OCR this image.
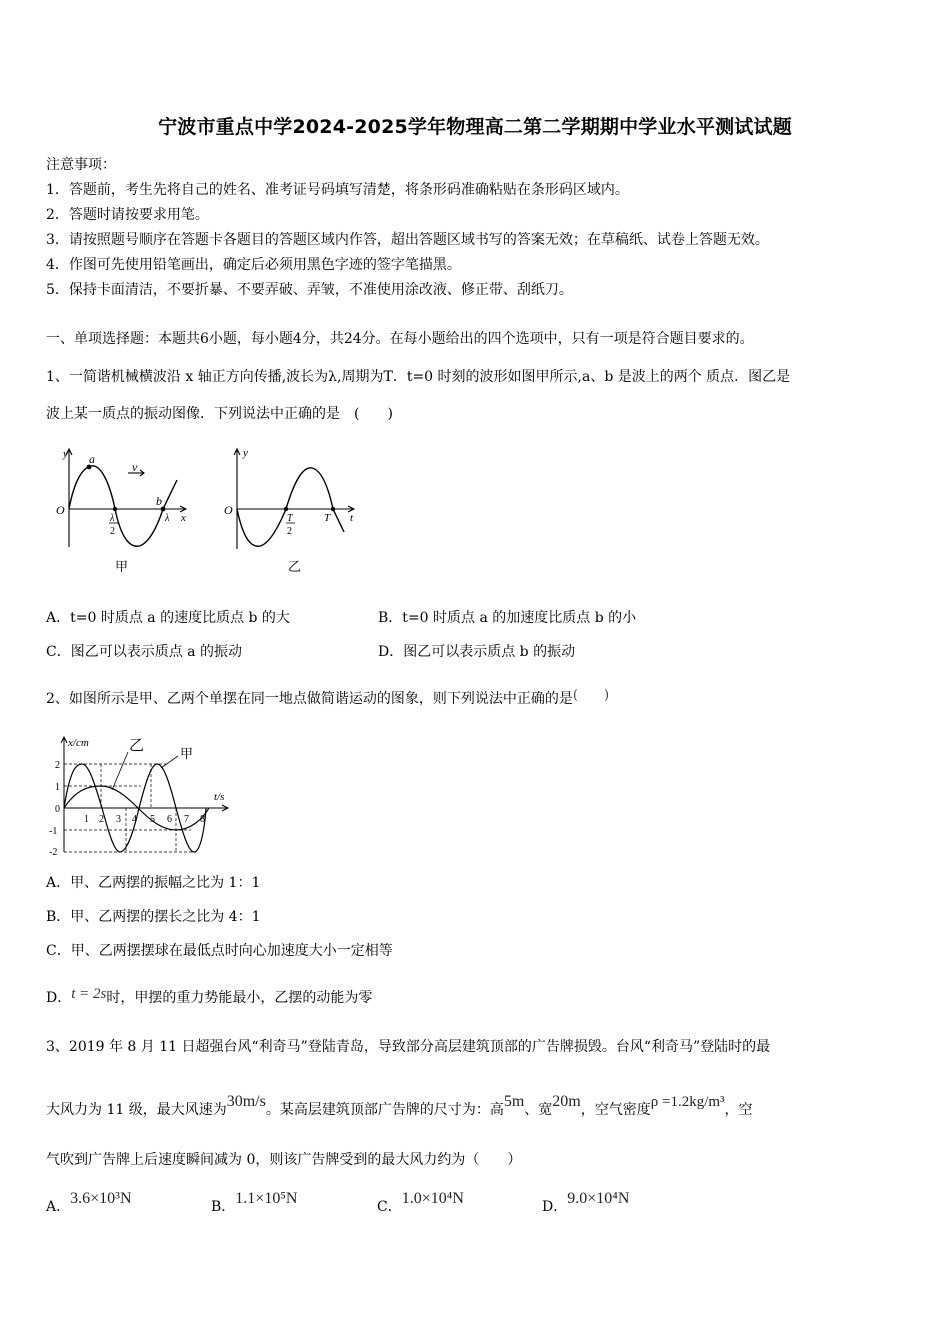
宁波市重点中学2024-2025学年物理高二第二学期期中学业水平测试试题
注意事项：
1．答题前，考生先将自己的姓名、准考证号码填写清楚，将条形码准确粘贴在条形码区域内。
2．答题时请按要求用笔。
3．请按照题号顺序在答题卡各题目的答题区域内作答，超出答题区域书写的答案无效；在草稿纸、试卷上答题无效。
4．作图可先使用铅笔画出，确定后必须用黑色字迹的签字笔描黑。
5．保持卡面清洁，不要折暴、不要弄破、弄皱，不准使用涂改液、修正带、刮纸刀。
一、单项选择题：本题共6小题，每小题4分，共24分。在每小题给出的四个选项中，只有一项是符合题目要求的。
1、一简谐机械横波沿 x 轴正方向传播,波长为λ,周期为T．t=0 时刻的波形如图甲所示,a、b 是波上的两个 质点．图乙是
波上某一质点的振动图像．下列说法中正确的是　(　　)
y a
v
O
λ
2
b
λ x
甲
y
O
T
2
T t
乙
A．t=0 时质点 a 的速度比质点 b 的大	B．t=0 时质点 a 的加速度比质点 b 的小
C．图乙可以表示质点 a 的振动	D．图乙可以表示质点 b 的振动
2、如图所示是甲、乙两个单摆在同一地点做简谐运动的图象，则下列说法中正确的是(　　)
x/cm
t/s
乙	甲
2
1
0
-1
-2
1 2 3 4 5 6 7 8
A．甲、乙两摆的振幅之比为 1：1
B．甲、乙两摆的摆长之比为 4：1
C．甲、乙两摆摆球在最低点时向心加速度大小一定相等
D．t = 2s时，甲摆的重力势能最小，乙摆的动能为零
3、2019 年 8 月 11 日超强台风“利奇马”登陆青岛，导致部分高层建筑顶部的广告牌损毁。台风“利奇马”登陆时的最
大风力为 11 级，最大风速为30m/s。某高层建筑顶部广告牌的尺寸为：高5m、宽20m，空气密度ρ =1.2kg/m³，空
气吹到广告牌上后速度瞬间减为 0，则该广告牌受到的最大风力约为（　　）
A．3.6×10³N	B．1.1×10⁵N	C．1.0×10⁴N	D．9.0×10⁴N
